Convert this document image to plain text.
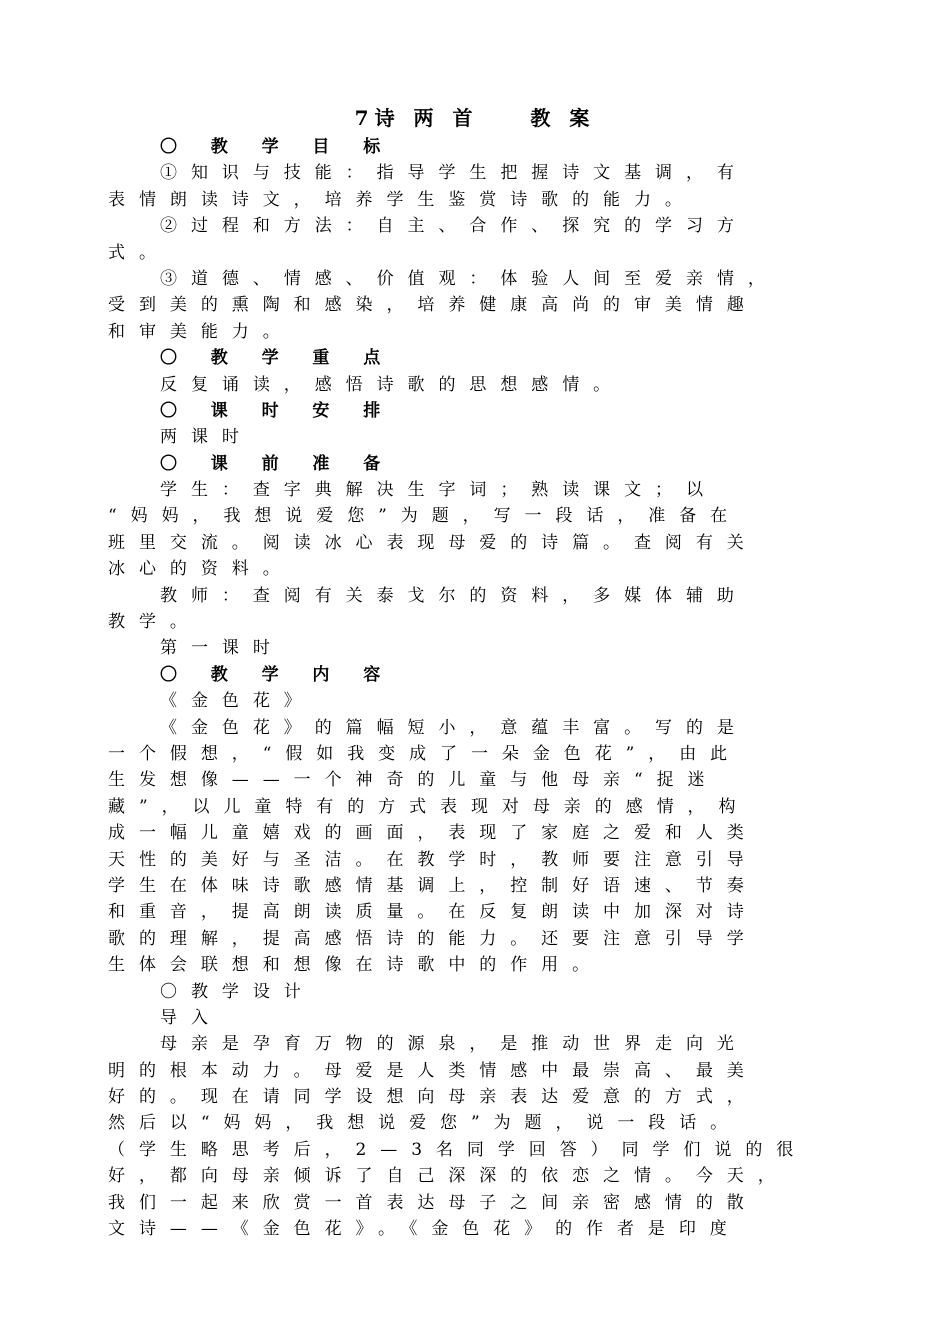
7诗 两 首    教 案
〇 教 学 目 标
①知识与技能：指导学生把握诗文基调，有
表情朗读诗文，培养学生鉴赏诗歌的能力。
②过程和方法：自主、合作、探究的学习方
式。
③道德、情感、价值观：体验人间至爱亲情，
受到美的熏陶和感染，培养健康高尚的审美情趣
和审美能力。
〇 教 学 重 点
反复诵读，感悟诗歌的思想感情。
〇 课 时 安 排
两课时
〇 课 前 准 备
学生：查字典解决生字词；熟读课文；以
“妈妈，我想说爱您”为题，写一段话，准备在
班里交流。阅读冰心表现母爱的诗篇。查阅有关
冰心的资料。
教师：查阅有关泰戈尔的资料，多媒体辅助
教学。
第一课时
〇 教 学 内 容
《金色花》
《金色花》的篇幅短小，意蕴丰富。写的是
一个假想，“假如我变成了一朵金色花”，由此
生发想像——一个神奇的儿童与他母亲“捉迷
藏”，以儿童特有的方式表现对母亲的感情，构
成一幅儿童嬉戏的画面，表现了家庭之爱和人类
天性的美好与圣洁。在教学时，教师要注意引导
学生在体味诗歌感情基调上，控制好语速、节奏
和重音，提高朗读质量。在反复朗读中加深对诗
歌的理解，提高感悟诗的能力。还要注意引导学
生体会联想和想像在诗歌中的作用。
〇教学设计
导入
母亲是孕育万物的源泉，是推动世界走向光
明的根本动力。母爱是人类情感中最崇高、最美
好的。现在请同学设想向母亲表达爱意的方式，
然后以“妈妈，我想说爱您”为题，说一段话。
（学生略思考后，2—3名同学回答）同学们说的很
好，都向母亲倾诉了自己深深的依恋之情。今天，
我们一起来欣赏一首表达母子之间亲密感情的散
文诗——《金色花》。《金色花》的作者是印度
